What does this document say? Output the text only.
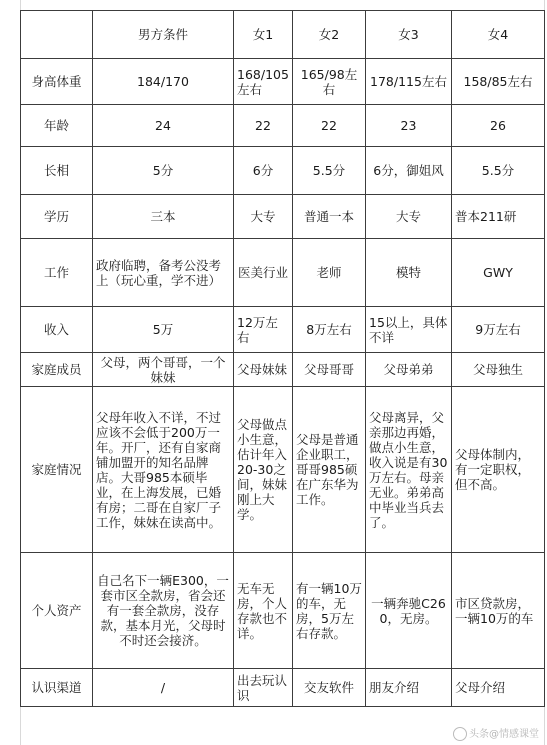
	男方条件	女1	女2	女3	女4
身高体重	184/170	168/105左右	165/98左右	178/115左右	158/85左右
年龄	24	22	22	23	26
长相	5分	6分	5.5分	6分，御姐风	5.5分
学历	三本	大专	普通一本	大专	普本211研
工作	政府临聘，备考公没考上（玩心重，学不进）	医美行业	老师	模特	GWY
收入	5万	12万左右	8万左右	15以上，具体不详	9万左右
家庭成员	父母，两个哥哥，一个妹妹	父母妹妹	父母哥哥	父母弟弟	父母独生
家庭情况	父母年收入不详，不过应该不会低于200万一年。开厂，还有自家商铺加盟开的知名品牌店。大哥985本硕毕业，在上海发展，已婚有房；二哥在自家厂子工作，妹妹在读高中。	父母做点小生意，估计年入20-30之间，妹妹刚上大学。	父母是普通企业职工，哥哥985硕在广东华为工作。	父母离异，父亲那边再婚，做点小生意，收入说是有30万左右。母亲无业。弟弟高中毕业当兵去了。	父母体制内，有一定职权，但不高。
个人资产	自己名下一辆E300，一套市区全款房，省会还有一套全款房，没存款，基本月光，父母时不时还会接济。	无车无房，个人存款也不详。	有一辆10万的车，无房，5万左右存款。	一辆奔驰C260，无房。	市区贷款房，一辆10万的车
认识渠道	/	出去玩认识	交友软件	朋友介绍	父母介绍
头条@情感课堂
